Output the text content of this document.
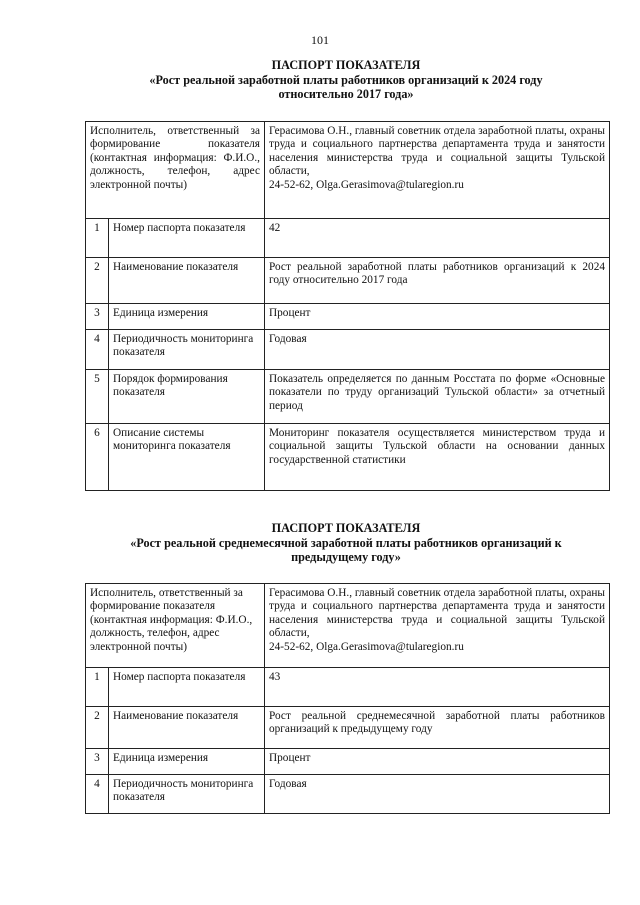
101
ПАСПОРТ ПОКАЗАТЕЛЯ
«Рост реальной заработной платы работников организаций к 2024 году
относительно 2017 года»
Исполнитель, ответственный за формирование показателя (контактная информация: Ф.И.О., должность, телефон, адрес электронной почты)		Герасимова О.Н., главный советник отдела заработной платы, охраны труда и социального партнерства департамента труда и занятости населения министерства труда и социальной защиты Тульской области,
24-52-62, Olga.Gerasimova@tularegion.ru

1	Номер паспорта показателя	42
2	Наименование показателя	Рост реальной заработной платы работников организаций к 2024 году относительно 2017 года
3	Единица измерения	Процент
4	Периодичность мониторинга показателя	Годовая
5	Порядок формирования показателя	Показатель определяется по данным Росстата по форме «Основные показатели по труду организаций Тульской области» за отчетный период
6	Описание системы мониторинга показателя	Мониторинг показателя осуществляется министерством труда и социальной защиты Тульской области на основании данных государственной статистики
ПАСПОРТ ПОКАЗАТЕЛЯ
«Рост реальной среднемесячной заработной платы работников организаций к
предыдущему году»
Исполнитель, ответственный за формирование показателя (контактная информация: Ф.И.О., должность, телефон, адрес электронной почты)		Герасимова О.Н., главный советник отдела заработной платы, охраны труда и социального партнерства департамента труда и занятости населения министерства труда и социальной защиты Тульской области,
24-52-62, Olga.Gerasimova@tularegion.ru

1	Номер паспорта показателя	43
2	Наименование показателя	Рост реальной среднемесячной заработной платы работников организаций к предыдущему году
3	Единица измерения	Процент
4	Периодичность мониторинга показателя	Годовая
